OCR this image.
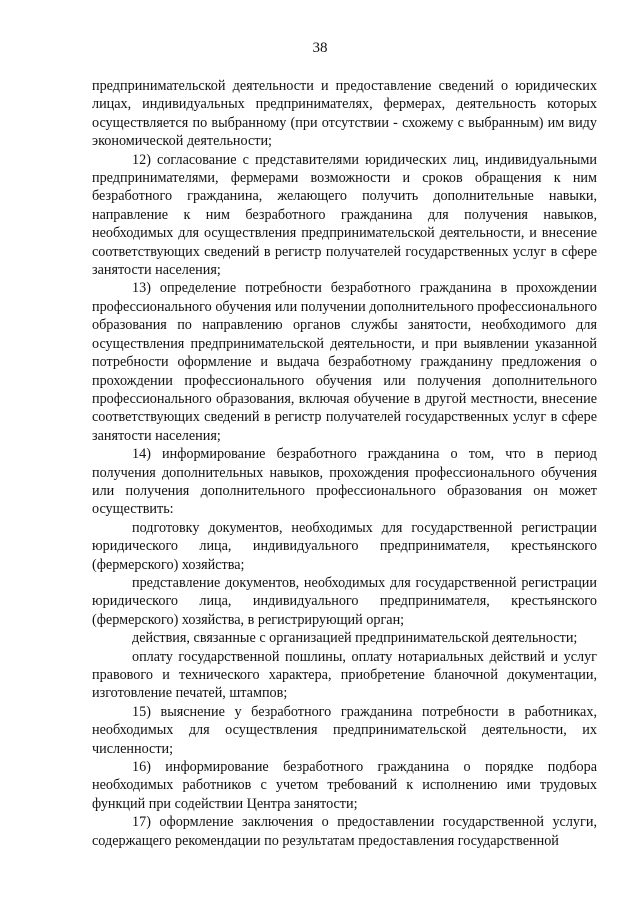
38

предпринимательской деятельности и предоставление сведений о юридических лицах, индивидуальных предпринимателях, фермерах, деятельность которых осуществляется по выбранному (при отсутствии - схожему с выбранным) им виду экономической деятельности;

12) согласование с представителями юридических лиц, индивидуальными предпринимателями, фермерами возможности и сроков обращения к ним безработного гражданина, желающего получить дополнительные навыки, направление к ним безработного гражданина для получения навыков, необходимых для осуществления предпринимательской деятельности, и внесение соответствующих сведений в регистр получателей государственных услуг в сфере занятости населения;

13) определение потребности безработного гражданина в прохождении профессионального обучения или получении дополнительного профессионального образования по направлению органов службы занятости, необходимого для осуществления предпринимательской деятельности, и при выявлении указанной потребности оформление и выдача безработному гражданину предложения о прохождении профессионального обучения или получения дополнительного профессионального образования, включая обучение в другой местности, внесение соответствующих сведений в регистр получателей государственных услуг в сфере занятости населения;

14) информирование безработного гражданина о том, что в период получения дополнительных навыков, прохождения профессионального обучения или получения дополнительного профессионального образования он может осуществить:

подготовку документов, необходимых для государственной регистрации юридического лица, индивидуального предпринимателя, крестьянского (фермерского) хозяйства;

представление документов, необходимых для государственной регистрации юридического лица, индивидуального предпринимателя, крестьянского (фермерского) хозяйства, в регистрирующий орган;

действия, связанные с организацией предпринимательской деятельности;

оплату государственной пошлины, оплату нотариальных действий и услуг правового и технического характера, приобретение бланочной документации, изготовление печатей, штампов;

15) выяснение у безработного гражданина потребности в работниках, необходимых для осуществления предпринимательской деятельности, их численности;

16) информирование безработного гражданина о порядке подбора необходимых работников с учетом требований к исполнению ими трудовых функций при содействии Центра занятости;

17) оформление заключения о предоставлении государственной услуги, содержащего рекомендации по результатам предоставления государственной
